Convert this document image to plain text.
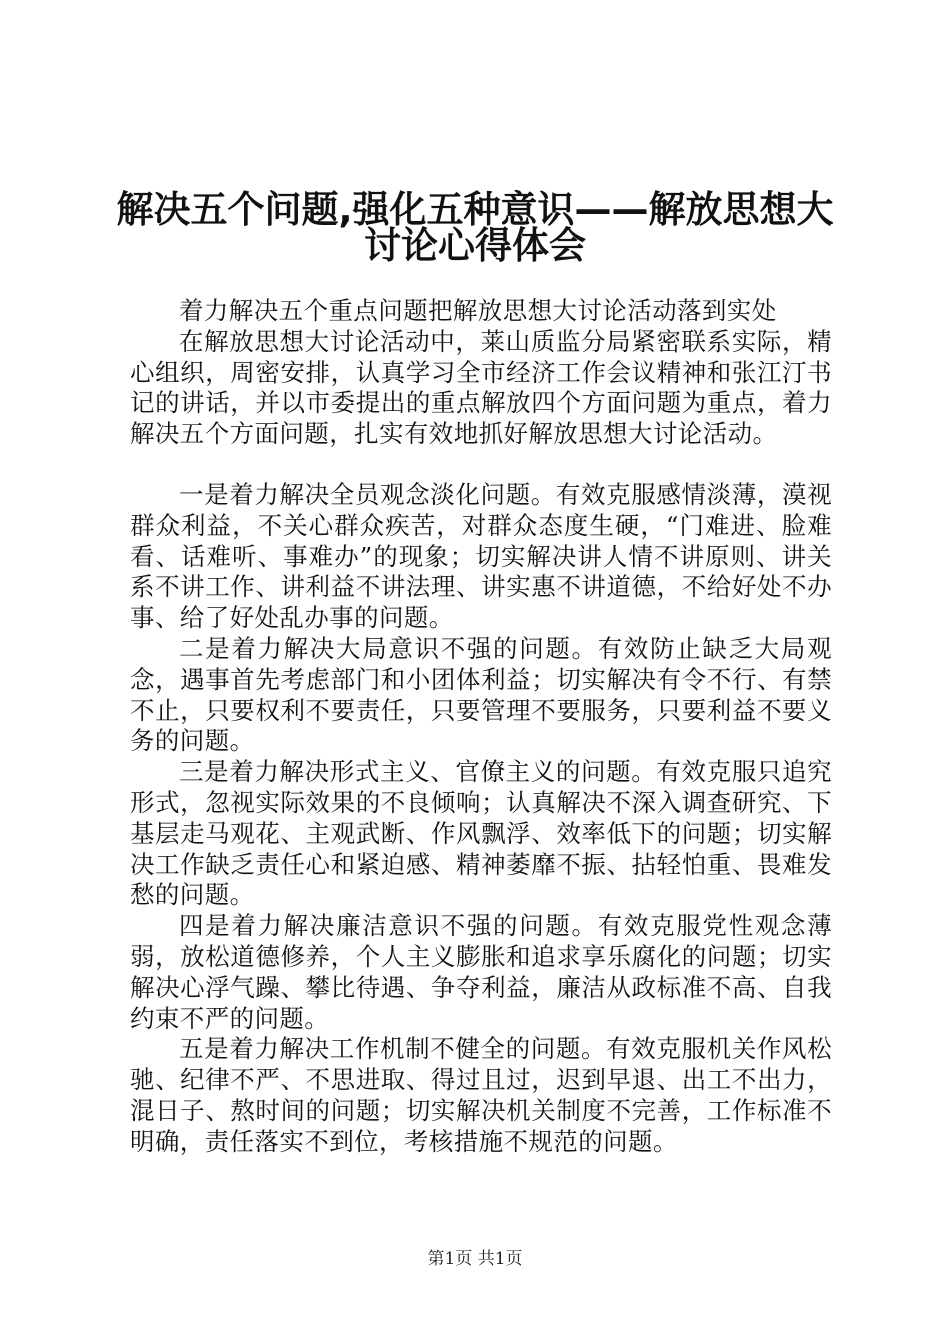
解决五个问题,强化五种意识——解放思想大
讨论心得体会

着力解决五个重点问题把解放思想大讨论活动落到实处

在解放思想大讨论活动中，莱山质监分局紧密联系实际，精心组织，周密安排，认真学习全市经济工作会议精神和张江汀书记的讲话，并以市委提出的重点解放四个方面问题为重点，着力解决五个方面问题，扎实有效地抓好解放思想大讨论活动。

一是着力解决全员观念淡化问题。有效克服感情淡薄，漠视群众利益，不关心群众疾苦，对群众态度生硬，“门难进、脸难看、话难听、事难办”的现象；切实解决讲人情不讲原则、讲关系不讲工作、讲利益不讲法理、讲实惠不讲道德，不给好处不办事、给了好处乱办事的问题。

二是着力解决大局意识不强的问题。有效防止缺乏大局观念，遇事首先考虑部门和小团体利益；切实解决有令不行、有禁不止，只要权利不要责任，只要管理不要服务，只要利益不要义务的问题。

三是着力解决形式主义、官僚主义的问题。有效克服只追究形式，忽视实际效果的不良倾响；认真解决不深入调查研究、下基层走马观花、主观武断、作风飘浮、效率低下的问题；切实解决工作缺乏责任心和紧迫感、精神萎靡不振、拈轻怕重、畏难发愁的问题。

四是着力解决廉洁意识不强的问题。有效克服党性观念薄弱，放松道德修养，个人主义膨胀和追求享乐腐化的问题；切实解决心浮气躁、攀比待遇、争夺利益，廉洁从政标准不高、自我约束不严的问题。

五是着力解决工作机制不健全的问题。有效克服机关作风松驰、纪律不严、不思进取、得过且过，迟到早退、出工不出力，混日子、熬时间的问题；切实解决机关制度不完善，工作标准不明确，责任落实不到位，考核措施不规范的问题。

第1页 共1页
